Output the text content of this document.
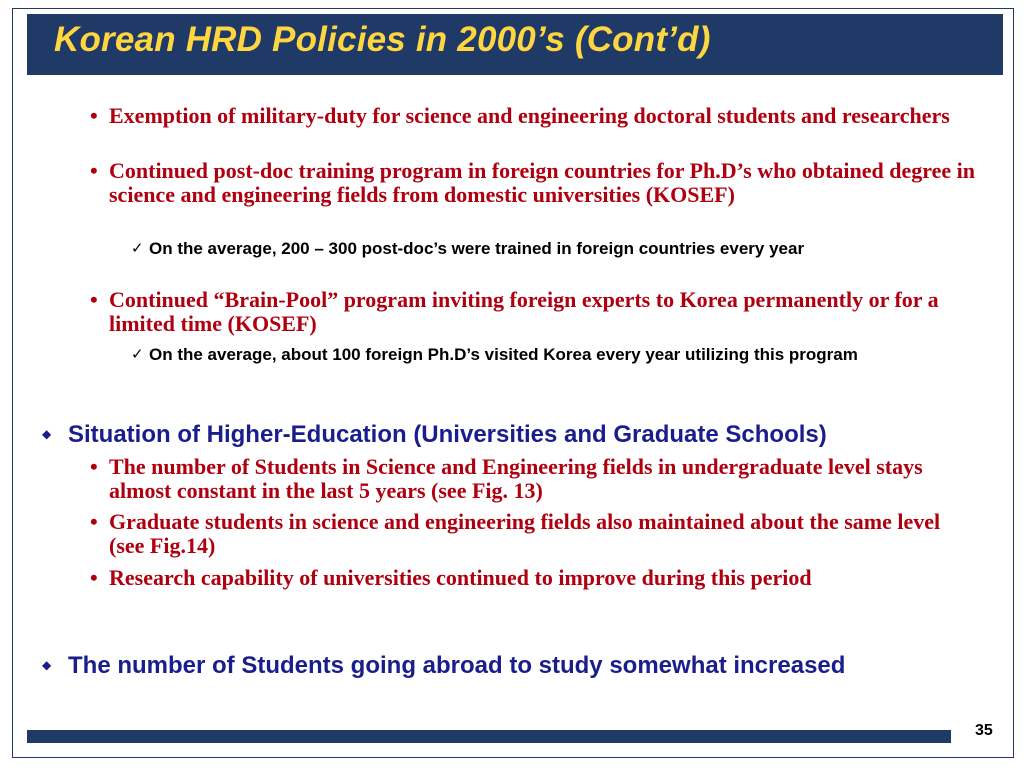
Korean HRD Policies in 2000’s (Cont’d)
• Exemption of military-duty for science and engineering doctoral students and researchers
• Continued post-doc training program in foreign countries for Ph.D’s who obtained degree in science and engineering fields from domestic universities (KOSEF)
✓ On the average, 200 – 300 post-doc’s were trained in foreign countries every year
• Continued “Brain-Pool” program inviting foreign experts to Korea permanently or for a limited time (KOSEF)
✓ On the average, about 100 foreign Ph.D’s visited Korea every year utilizing this program
◆ Situation of Higher-Education (Universities and Graduate Schools)
• The number of Students in Science and Engineering fields in undergraduate level stays almost constant in the last 5 years (see Fig. 13)
• Graduate students in science and engineering fields also maintained about the same level (see Fig.14)
• Research capability of universities continued to improve during this period
◆ The number of Students going abroad to study somewhat increased
35
